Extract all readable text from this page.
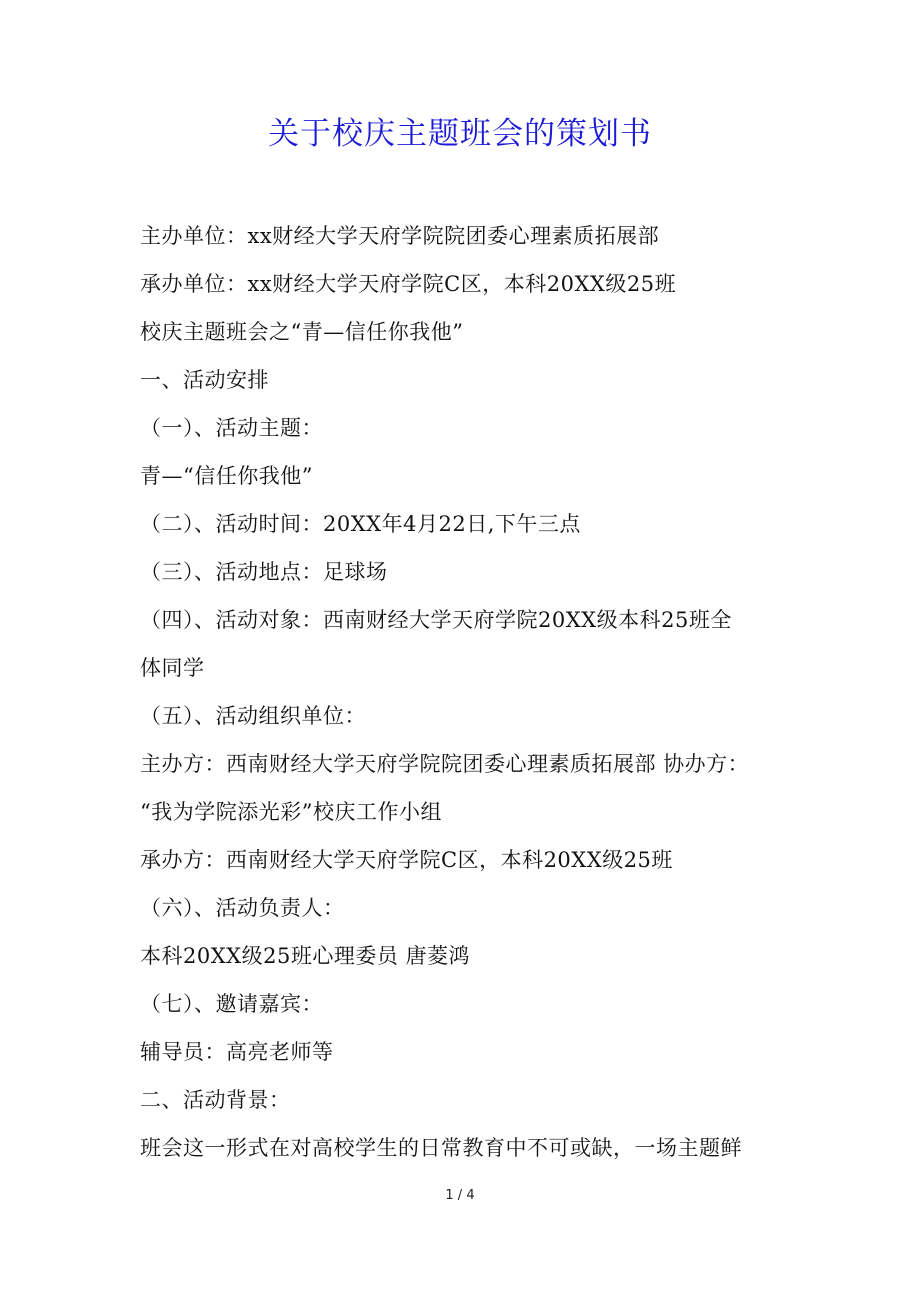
关于校庆主题班会的策划书
主办单位：xx财经大学天府学院院团委心理素质拓展部
承办单位：xx财经大学天府学院C区，本科20XX级25班
校庆主题班会之“青—信任你我他”
一、活动安排
（一）、活动主题：
青—“信任你我他”
（二）、活动时间：20XX年4月22日,下午三点
（三）、活动地点：足球场
（四）、活动对象：西南财经大学天府学院20XX级本科25班全
体同学
（五）、活动组织单位：
主办方：西南财经大学天府学院院团委心理素质拓展部 协办方：
“我为学院添光彩”校庆工作小组
承办方：西南财经大学天府学院C区，本科20XX级25班
（六）、活动负责人：
本科20XX级25班心理委员 唐菱鸿
（七）、邀请嘉宾：
辅导员：高亮老师等
二、活动背景：
班会这一形式在对高校学生的日常教育中不可或缺，一场主题鲜
1 / 4
